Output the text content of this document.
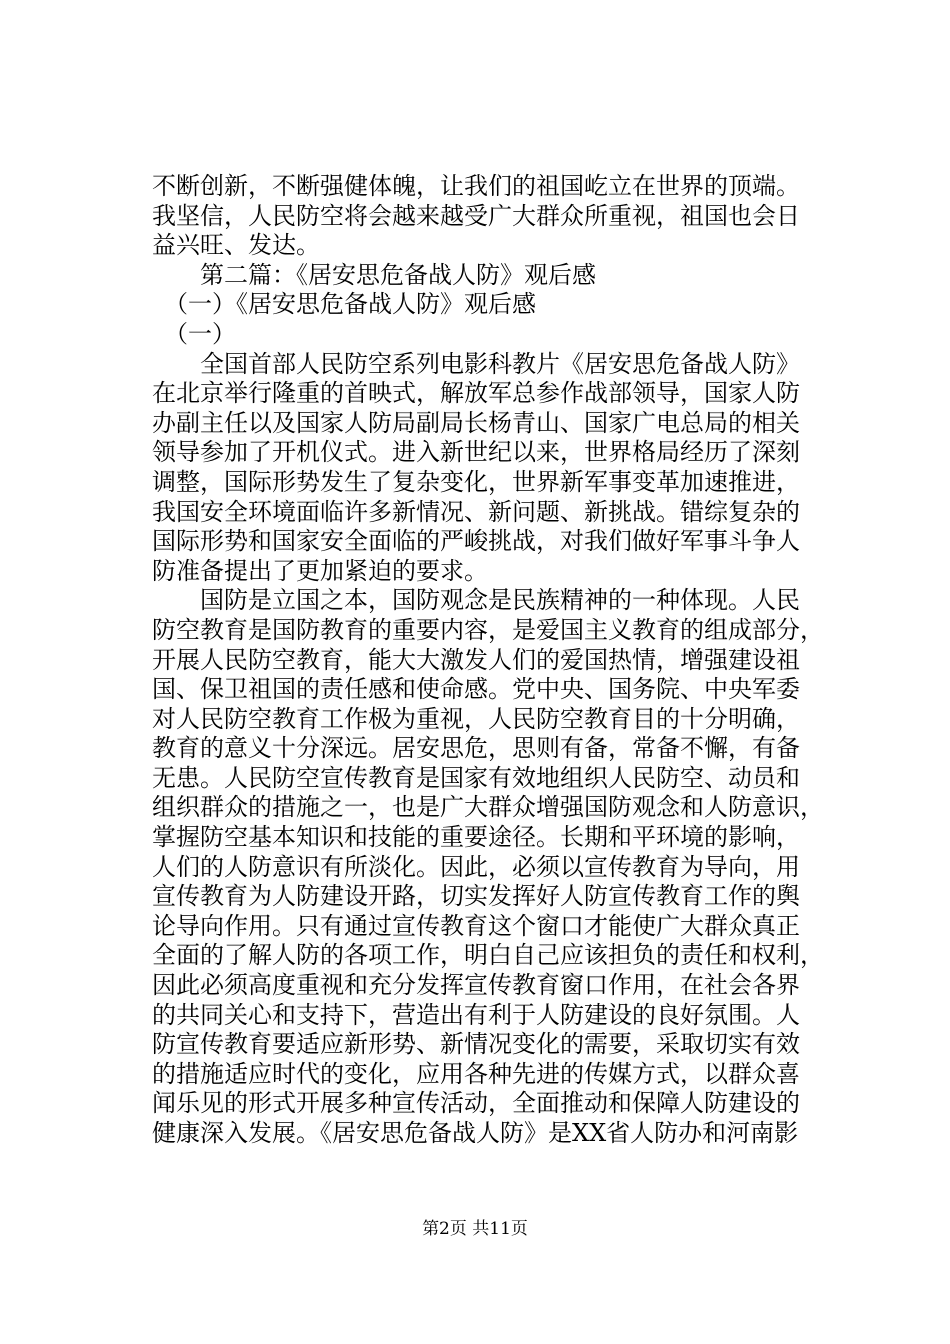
不断创新，不断强健体魄，让我们的祖国屹立在世界的顶端。
我坚信，人民防空将会越来越受广大群众所重视，祖国也会日
益兴旺、发达。
　　第二篇：《居安思危备战人防》观后感
　（一）《居安思危备战人防》观后感
　（一）
　　全国首部人民防空系列电影科教片《居安思危备战人防》
在北京举行隆重的首映式，解放军总参作战部领导，国家人防
办副主任以及国家人防局副局长杨青山、国家广电总局的相关
领导参加了开机仪式。进入新世纪以来，世界格局经历了深刻
调整，国际形势发生了复杂变化，世界新军事变革加速推进，
我国安全环境面临许多新情况、新问题、新挑战。错综复杂的
国际形势和国家安全面临的严峻挑战，对我们做好军事斗争人
防准备提出了更加紧迫的要求。
　　国防是立国之本，国防观念是民族精神的一种体现。人民
防空教育是国防教育的重要内容，是爱国主义教育的组成部分，
开展人民防空教育，能大大激发人们的爱国热情，增强建设祖
国、保卫祖国的责任感和使命感。党中央、国务院、中央军委
对人民防空教育工作极为重视，人民防空教育目的十分明确，
教育的意义十分深远。居安思危，思则有备，常备不懈，有备
无患。人民防空宣传教育是国家有效地组织人民防空、动员和
组织群众的措施之一，也是广大群众增强国防观念和人防意识，
掌握防空基本知识和技能的重要途径。长期和平环境的影响，
人们的人防意识有所淡化。因此，必须以宣传教育为导向，用
宣传教育为人防建设开路，切实发挥好人防宣传教育工作的舆
论导向作用。只有通过宣传教育这个窗口才能使广大群众真正
全面的了解人防的各项工作，明白自己应该担负的责任和权利，
因此必须高度重视和充分发挥宣传教育窗口作用，在社会各界
的共同关心和支持下，营造出有利于人防建设的良好氛围。人
防宣传教育要适应新形势、新情况变化的需要，采取切实有效
的措施适应时代的变化，应用各种先进的传媒方式，以群众喜
闻乐见的形式开展多种宣传活动，全面推动和保障人防建设的
健康深入发展。《居安思危备战人防》是XX省人防办和河南影
第2页 共11页
